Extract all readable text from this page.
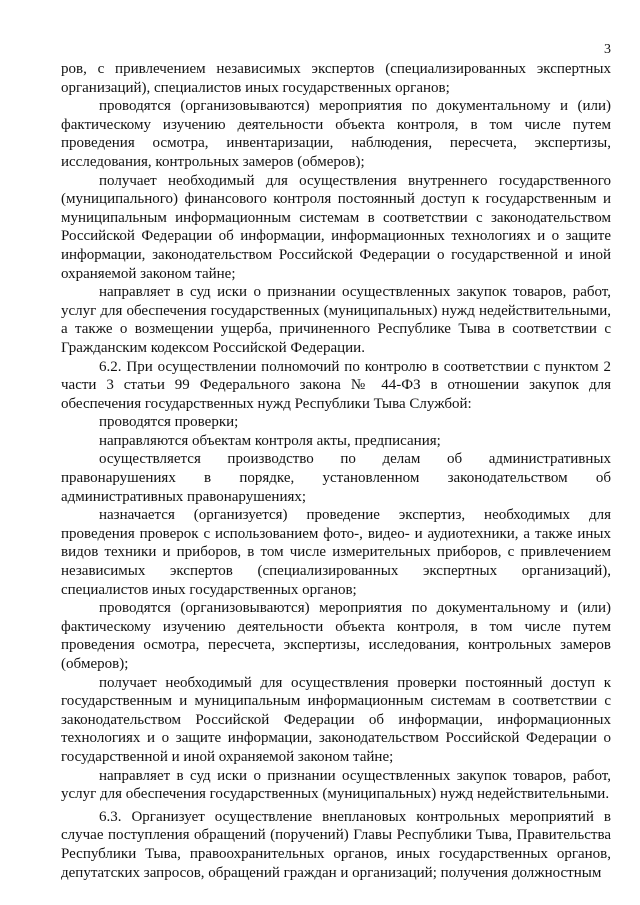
3

ров, с привлечением независимых экспертов (специализированных экспертных организаций), специалистов иных государственных органов;

проводятся (организовываются) мероприятия по документальному и (или) фактическому изучению деятельности объекта контроля, в том числе путем проведения осмотра, инвентаризации, наблюдения, пересчета, экспертизы, исследования, контрольных замеров (обмеров);

получает необходимый для осуществления внутреннего государственного (муниципального) финансового контроля постоянный доступ к государственным и муниципальным информационным системам в соответствии с законодательством Российской Федерации об информации, информационных технологиях и о защите информации, законодательством Российской Федерации о государственной и иной охраняемой законом тайне;

направляет в суд иски о признании осуществленных закупок товаров, работ, услуг для обеспечения государственных (муниципальных) нужд недействительными, а также о возмещении ущерба, причиненного Республике Тыва в соответствии с Гражданским кодексом Российской Федерации.

6.2. При осуществлении полномочий по контролю в соответствии с пунктом 2 части 3 статьи 99 Федерального закона № 44-ФЗ в отношении закупок для обеспечения государственных нужд Республики Тыва Службой:

проводятся проверки;

направляются объектам контроля акты, предписания;

осуществляется производство по делам об административных правонарушениях в порядке, установленном законодательством об административных правонарушениях;

назначается (организуется) проведение экспертиз, необходимых для проведения проверок с использованием фото-, видео- и аудиотехники, а также иных видов техники и приборов, в том числе измерительных приборов, с привлечением независимых экспертов (специализированных экспертных организаций), специалистов иных государственных органов;

проводятся (организовываются) мероприятия по документальному и (или) фактическому изучению деятельности объекта контроля, в том числе путем проведения осмотра, пересчета, экспертизы, исследования, контрольных замеров (обмеров);

получает необходимый для осуществления проверки постоянный доступ к государственным и муниципальным информационным системам в соответствии с законодательством Российской Федерации об информации, информационных технологиях и о защите информации, законодательством Российской Федерации о государственной и иной охраняемой законом тайне;

направляет в суд иски о признании осуществленных закупок товаров, работ, услуг для обеспечения государственных (муниципальных) нужд недействительными.

6.3. Организует осуществление внеплановых контрольных мероприятий в случае поступления обращений (поручений) Главы Республики Тыва, Правительства Республики Тыва, правоохранительных органов, иных государственных органов, депутатских запросов, обращений граждан и организаций; получения должностным
